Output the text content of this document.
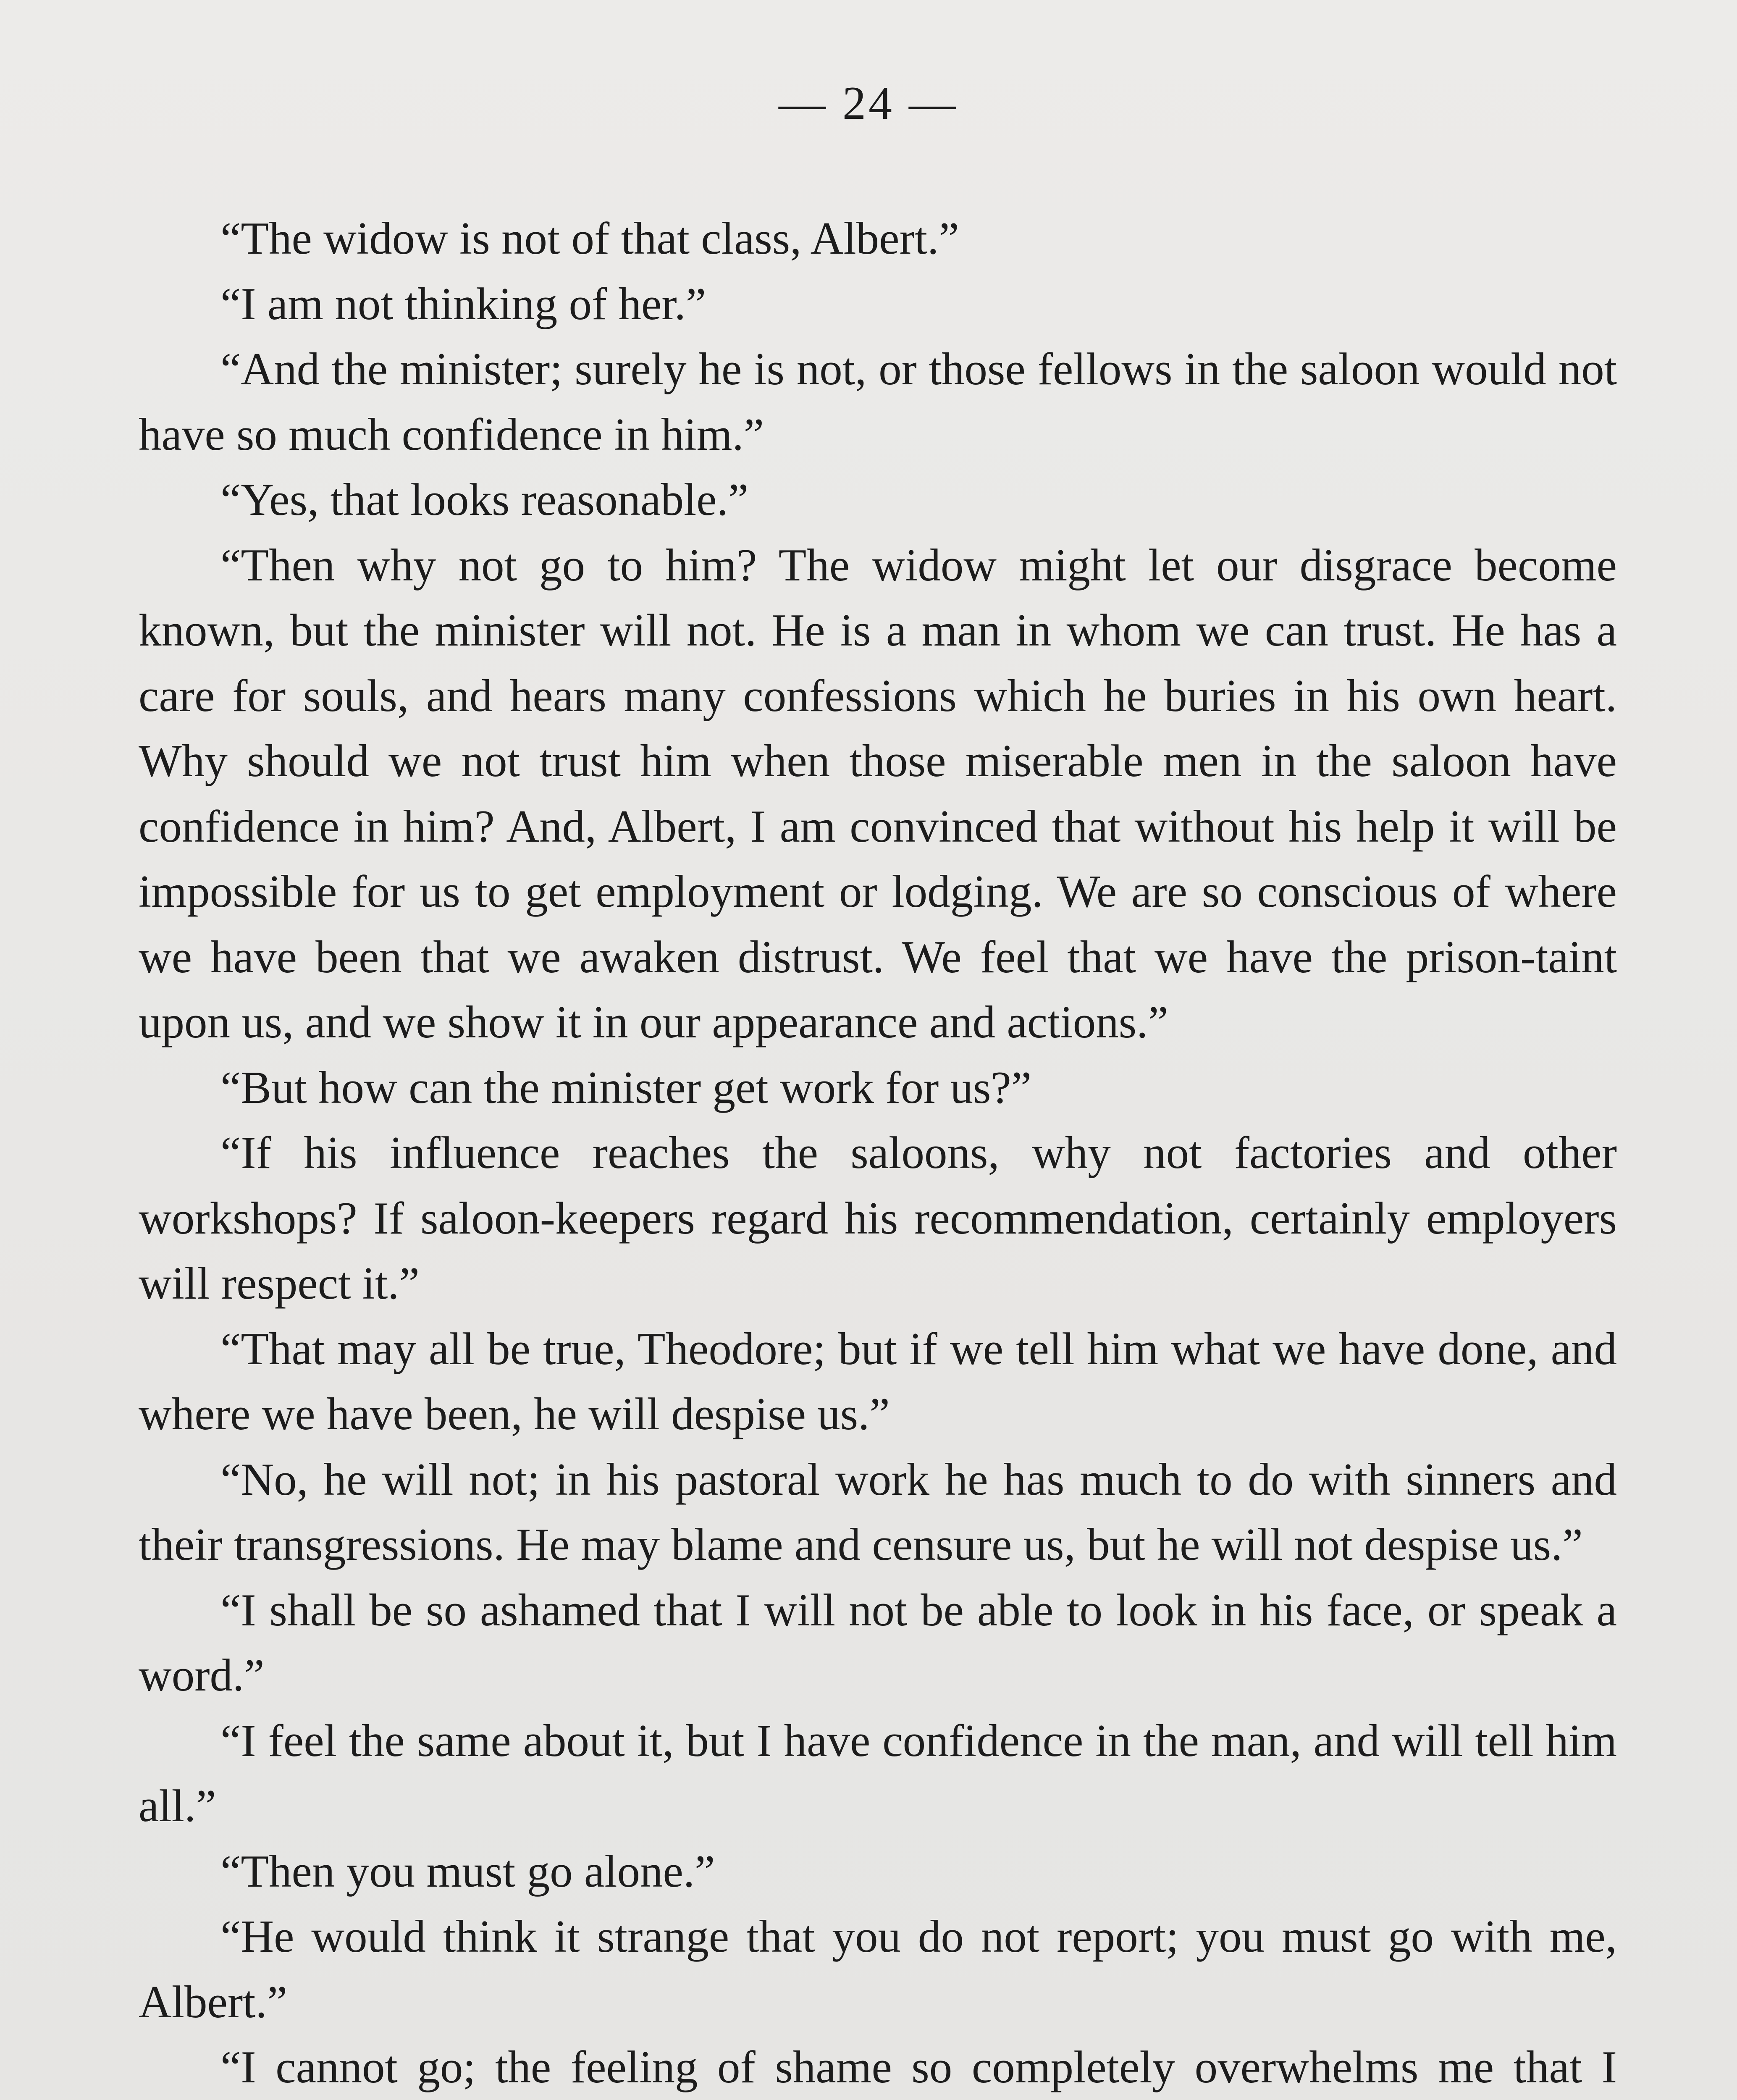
— 24 —

“The widow is not of that class, Albert.”

“I am not thinking of her.”

“And the minister; surely he is not, or those fellows in the saloon would not have so much confidence in him.”

“Yes, that looks reasonable.”

“Then why not go to him? The widow might let our disgrace become known, but the minister will not. He is a man in whom we can trust. He has a care for souls, and hears many confessions which he buries in his own heart. Why should we not trust him when those miserable men in the saloon have confidence in him? And, Albert, I am convinced that without his help it will be impossible for us to get employment or lodging. We are so conscious of where we have been that we awaken distrust. We feel that we have the prison-taint upon us, and we show it in our appearance and actions.”

“But how can the minister get work for us?”

“If his influence reaches the saloons, why not factories and other workshops? If saloon-keepers regard his recommendation, certainly employers will respect it.”

“That may all be true, Theodore; but if we tell him what we have done, and where we have been, he will despise us.”

“No, he will not; in his pastoral work he has much to do with sinners and their transgressions. He may blame and censure us, but he will not despise us.”

“I shall be so ashamed that I will not be able to look in his face, or speak a word.”

“I feel the same about it, but I have confidence in the man, and will tell him all.”

“Then you must go alone.”

“He would think it strange that you do not report; you must go with me, Albert.”

“I cannot go; the feeling of shame so completely overwhelms me that I
